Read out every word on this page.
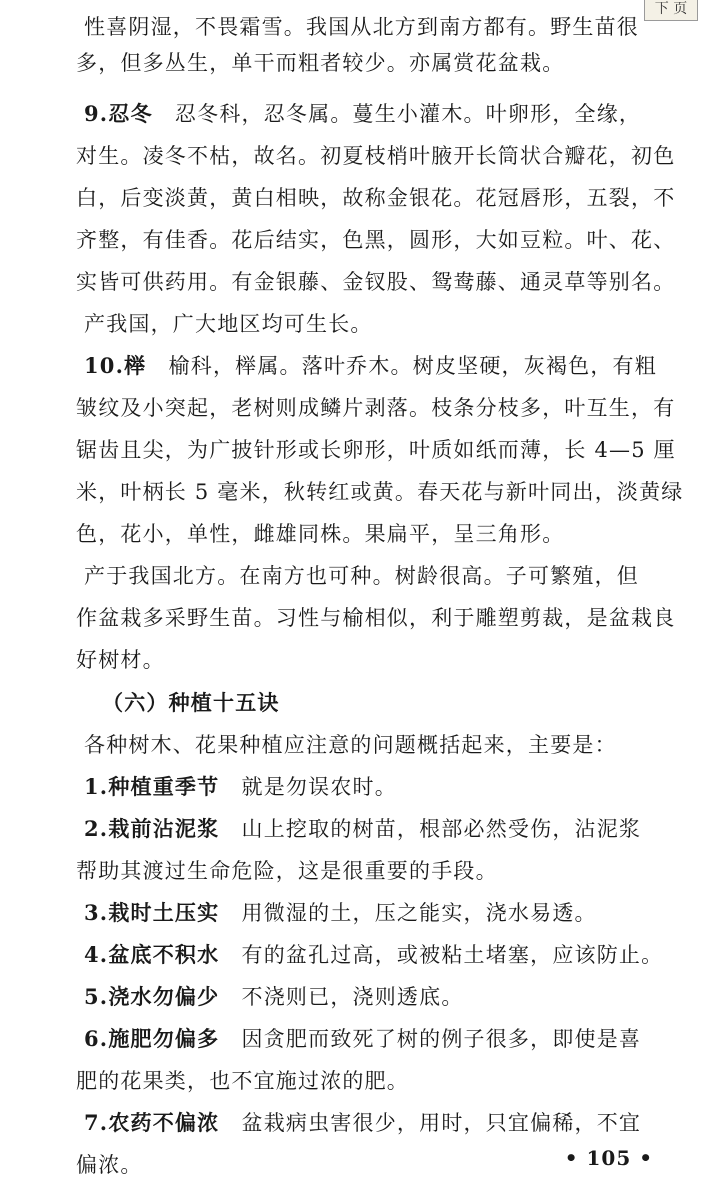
下 页
性喜阴湿，不畏霜雪。我国从北方到南方都有。野生苗很
多，但多丛生，单干而粗者较少。亦属赏花盆栽。
9.忍冬　忍冬科，忍冬属。蔓生小灌木。叶卵形，全缘，
对生。凌冬不枯，故名。初夏枝梢叶腋开长筒状合瓣花，初色
白，后变淡黄，黄白相映，故称金银花。花冠唇形，五裂，不
齐整，有佳香。花后结实，色黑，圆形，大如豆粒。叶、花、
实皆可供药用。有金银藤、金钗股、鸳鸯藤、通灵草等别名。
产我国，广大地区均可生长。
10.榉　榆科，榉属。落叶乔木。树皮坚硬，灰褐色，有粗
皱纹及小突起，老树则成鳞片剥落。枝条分枝多，叶互生，有
锯齿且尖，为广披针形或长卵形，叶质如纸而薄，长 4—5 厘
米，叶柄长 5 毫米，秋转红或黄。春天花与新叶同出，淡黄绿
色，花小，单性，雌雄同株。果扁平，呈三角形。
产于我国北方。在南方也可种。树龄很高。子可繁殖，但
作盆栽多采野生苗。习性与榆相似，利于雕塑剪裁，是盆栽良
好树材。
（六）种植十五诀
各种树木、花果种植应注意的问题概括起来，主要是：
1.种植重季节　就是勿误农时。
2.栽前沾泥浆　山上挖取的树苗，根部必然受伤，沾泥浆
帮助其渡过生命危险，这是很重要的手段。
3.栽时土压实　用微湿的土，压之能实，浇水易透。
4.盆底不积水　有的盆孔过高，或被粘土堵塞，应该防止。
5.浇水勿偏少　不浇则已，浇则透底。
6.施肥勿偏多　因贪肥而致死了树的例子很多，即使是喜
肥的花果类，也不宜施过浓的肥。
7.农药不偏浓　盆栽病虫害很少，用时，只宜偏稀，不宜
偏浓。	• 105 •
